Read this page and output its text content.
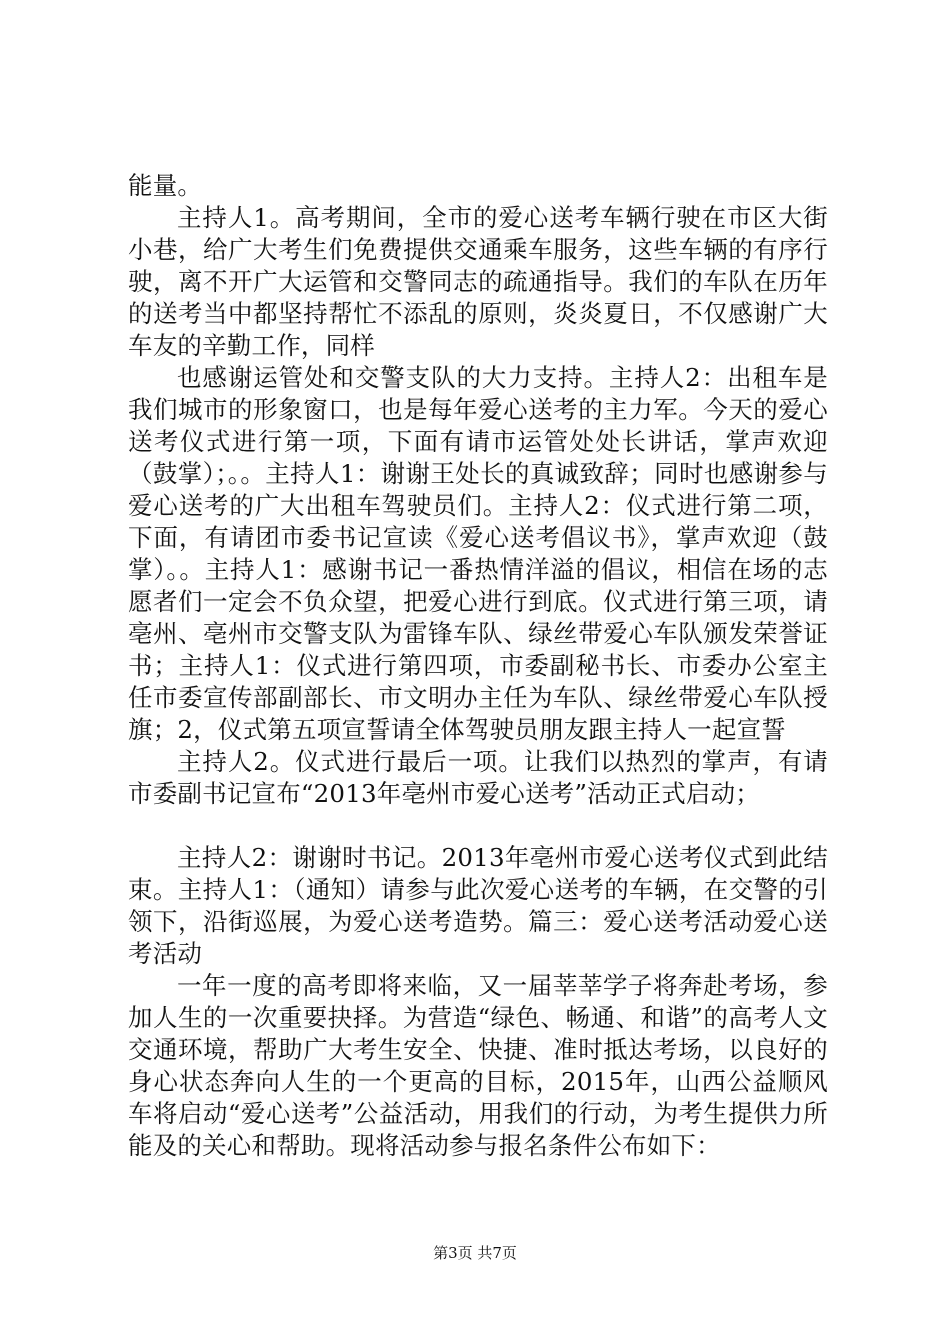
能量。

主持人1。高考期间，全市的爱心送考车辆行驶在市区大街小巷，给广大考生们免费提供交通乘车服务，这些车辆的有序行驶，离不开广大运管和交警同志的疏通指导。我们的车队在历年的送考当中都坚持帮忙不添乱的原则，炎炎夏日，不仅感谢广大车友的辛勤工作，同样

也感谢运管处和交警支队的大力支持。主持人2：出租车是我们城市的形象窗口，也是每年爱心送考的主力军。今天的爱心送考仪式进行第一项，下面有请市运管处处长讲话，掌声欢迎（鼓掌）；。。主持人1：谢谢王处长的真诚致辞；同时也感谢参与爱心送考的广大出租车驾驶员们。主持人2：仪式进行第二项，下面，有请团市委书记宣读《爱心送考倡议书》，掌声欢迎（鼓掌）。。主持人1：感谢书记一番热情洋溢的倡议，相信在场的志愿者们一定会不负众望，把爱心进行到底。仪式进行第三项，请亳州、亳州市交警支队为雷锋车队、绿丝带爱心车队颁发荣誉证书；主持人1：仪式进行第四项，市委副秘书长、市委办公室主任市委宣传部副部长、市文明办主任为车队、绿丝带爱心车队授旗；2，仪式第五项宣誓请全体驾驶员朋友跟主持人一起宣誓

主持人2。仪式进行最后一项。让我们以热烈的掌声，有请市委副书记宣布“2013年亳州市爱心送考”活动正式启动；

主持人2：谢谢时书记。2013年亳州市爱心送考仪式到此结束。主持人1：（通知）请参与此次爱心送考的车辆，在交警的引领下，沿街巡展，为爱心送考造势。篇三：爱心送考活动爱心送考活动

一年一度的高考即将来临，又一届莘莘学子将奔赴考场，参加人生的一次重要抉择。为营造“绿色、畅通、和谐”的高考人文交通环境，帮助广大考生安全、快捷、准时抵达考场，以良好的身心状态奔向人生的一个更高的目标，2015年，山西公益顺风车将启动“爱心送考”公益活动，用我们的行动，为考生提供力所能及的关心和帮助。现将活动参与报名条件公布如下：

第3页 共7页
